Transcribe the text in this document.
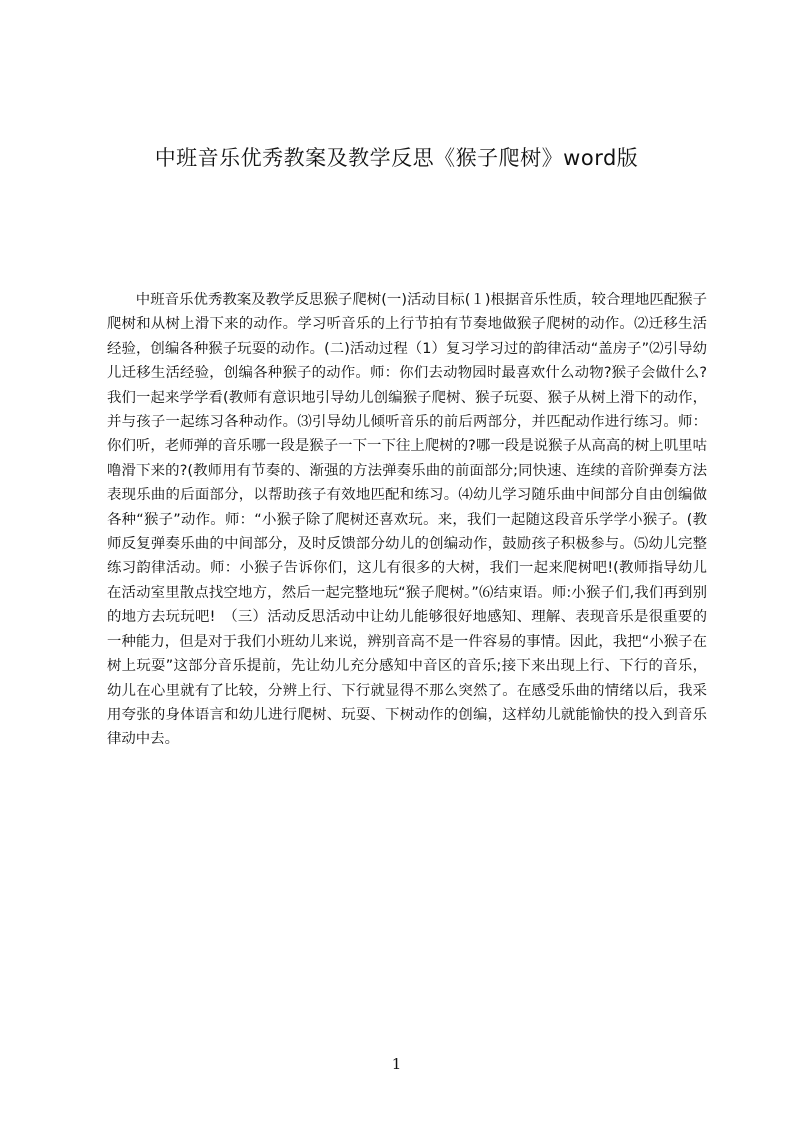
中班音乐优秀教案及教学反思《猴子爬树》word版

中班音乐优秀教案及教学反思猴子爬树(一)活动目标(１)根据音乐性质，较合理地匹配猴子爬树和从树上滑下来的动作。学习听音乐的上行节拍有节奏地做猴子爬树的动作。⑵迁移生活经验，创编各种猴子玩耍的动作。(二)活动过程（1）复习学习过的韵律活动“盖房子”⑵引导幼儿迁移生活经验，创编各种猴子的动作。师：你们去动物园时最喜欢什么动物?猴子会做什么?我们一起来学学看(教师有意识地引导幼儿创编猴子爬树、猴子玩耍、猴子从树上滑下的动作，并与孩子一起练习各种动作。⑶引导幼儿倾听音乐的前后两部分，并匹配动作进行练习。师：你们听，老师弹的音乐哪一段是猴子一下一下往上爬树的?哪一段是说猴子从高高的树上叽里咕噜滑下来的?(教师用有节奏的、渐强的方法弹奏乐曲的前面部分;同快速、连续的音阶弹奏方法表现乐曲的后面部分，以帮助孩子有效地匹配和练习。⑷幼儿学习随乐曲中间部分自由创编做各种“猴子”动作。师：“小猴子除了爬树还喜欢玩。来，我们一起随这段音乐学学小猴子。(教师反复弹奏乐曲的中间部分，及时反馈部分幼儿的创编动作，鼓励孩子积极参与。⑸幼儿完整练习韵律活动。师：小猴子告诉你们，这儿有很多的大树，我们一起来爬树吧!(教师指导幼儿在活动室里散点找空地方，然后一起完整地玩“猴子爬树。”⑹结束语。师:小猴子们,我们再到别的地方去玩玩吧!　（三）活动反思活动中让幼儿能够很好地感知、理解、表现音乐是很重要的一种能力，但是对于我们小班幼儿来说，辨别音高不是一件容易的事情。因此，我把“小猴子在树上玩耍”这部分音乐提前，先让幼儿充分感知中音区的音乐;接下来出现上行、下行的音乐，幼儿在心里就有了比较，分辨上行、下行就显得不那么突然了。在感受乐曲的情绪以后，我采用夸张的身体语言和幼儿进行爬树、玩耍、下树动作的创编，这样幼儿就能愉快的投入到音乐律动中去。

1
